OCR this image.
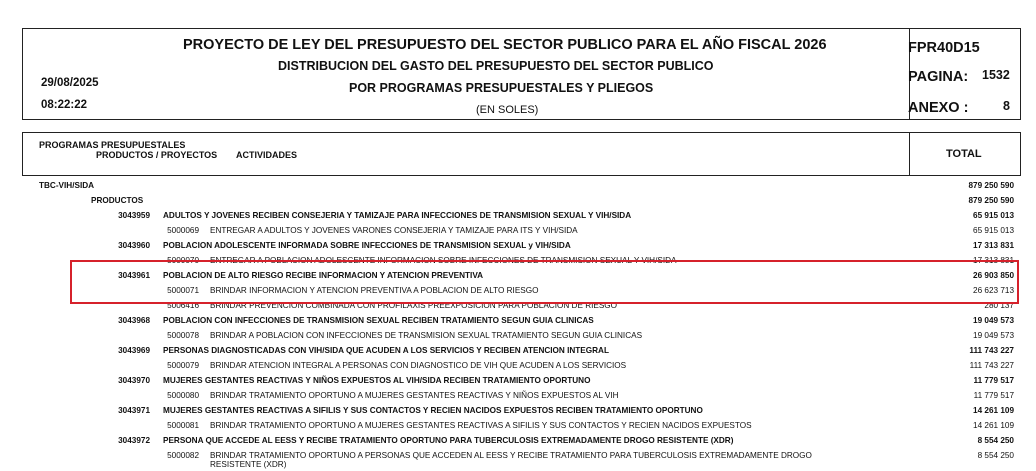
PROYECTO DE LEY DEL PRESUPUESTO DEL SECTOR PUBLICO PARA EL AÑO FISCAL 2026
DISTRIBUCION DEL GASTO DEL PRESUPUESTO DEL SECTOR PUBLICO
POR PROGRAMAS PRESUPUESTALES Y PLIEGOS
(EN SOLES)
29/08/2025
08:22:22
FPR40D15
PAGINA: 1532
ANEXO :	8
PROGRAMAS PRESUPUESTALES
PRODUCTOS / PROYECTOS ACTIVIDADES	TOTAL
TBC-VIH/SIDA	879 250 590
PRODUCTOS	879 250 590
3043959 ADULTOS Y JOVENES RECIBEN CONSEJERIA Y TAMIZAJE PARA INFECCIONES DE TRANSMISION SEXUAL Y VIH/SIDA	65 915 013
5000069 ENTREGAR A ADULTOS Y JOVENES VARONES CONSEJERIA Y TAMIZAJE PARA ITS Y VIH/SIDA	65 915 013
3043960 POBLACION ADOLESCENTE INFORMADA SOBRE INFECCIONES DE TRANSMISION SEXUAL y VIH/SIDA	17 313 831
5000070 ENTREGAR A POBLACION ADOLESCENTE INFORMACION SOBRE INFECCIONES DE TRANSMISION SEXUAL Y VIH/SIDA	17 313 831
3043961 POBLACION DE ALTO RIESGO RECIBE INFORMACION Y ATENCION PREVENTIVA	26 903 850
5000071 BRINDAR INFORMACION Y ATENCION PREVENTIVA A POBLACION DE ALTO RIESGO	26 623 713
5006416 BRINDAR PREVENCION COMBINADA CON PROFILAXIS PREEXPOSICION PARA POBLACION DE RIESGO	280 137
3043968 POBLACION CON INFECCIONES DE TRANSMISION SEXUAL RECIBEN TRATAMIENTO SEGUN GUIA CLINICAS	19 049 573
5000078 BRINDAR A POBLACION CON INFECCIONES DE TRANSMISION SEXUAL TRATAMIENTO SEGUN GUIA CLINICAS	19 049 573
3043969 PERSONAS DIAGNOSTICADAS CON VIH/SIDA QUE ACUDEN A LOS SERVICIOS Y RECIBEN ATENCION INTEGRAL	111 743 227
5000079 BRINDAR ATENCION INTEGRAL A PERSONAS CON DIAGNOSTICO DE VIH QUE ACUDEN A LOS SERVICIOS	111 743 227
3043970 MUJERES GESTANTES REACTIVAS Y NIÑOS EXPUESTOS AL VIH/SIDA RECIBEN TRATAMIENTO OPORTUNO	11 779 517
5000080 BRINDAR TRATAMIENTO OPORTUNO A MUJERES GESTANTES REACTIVAS Y NIÑOS EXPUESTOS AL VIH	11 779 517
3043971 MUJERES GESTANTES REACTIVAS A SIFILIS Y SUS CONTACTOS Y RECIEN NACIDOS EXPUESTOS RECIBEN TRATAMIENTO OPORTUNO	14 261 109
5000081 BRINDAR TRATAMIENTO OPORTUNO A MUJERES GESTANTES REACTIVAS A SIFILIS Y SUS CONTACTOS Y RECIEN NACIDOS EXPUESTOS	14 261 109
3043972 PERSONA QUE ACCEDE AL EESS Y RECIBE TRATAMIENTO OPORTUNO PARA TUBERCULOSIS EXTREMADAMENTE DROGO RESISTENTE (XDR)	8 554 250
5000082 BRINDAR TRATAMIENTO OPORTUNO A PERSONAS QUE ACCEDEN AL EESS Y RECIBE TRATAMIENTO PARA TUBERCULOSIS EXTREMADAMENTE DROGO
RESISTENTE (XDR)
8 554 250
